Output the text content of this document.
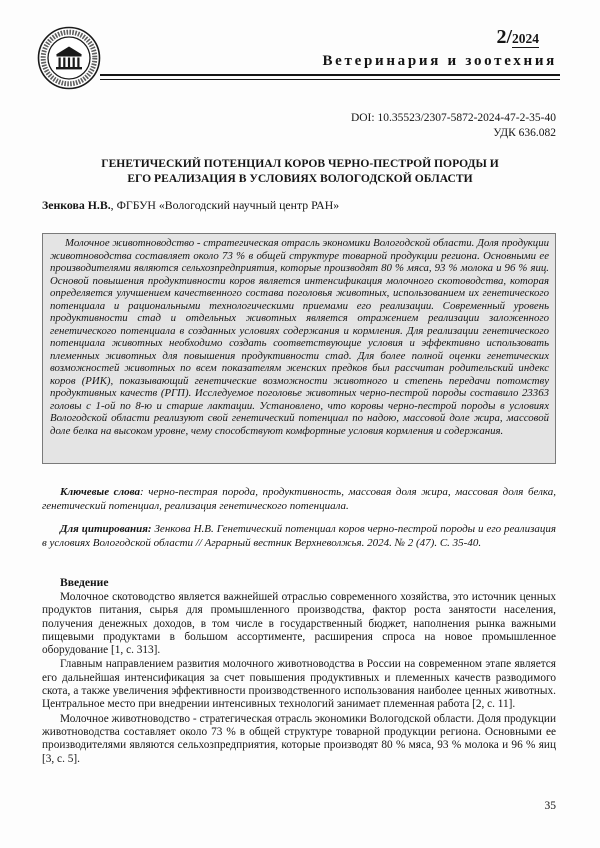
2/2024
Ветеринария и зоотехния
DOI: 10.35523/2307-5872-2024-47-2-35-40
УДК 636.082
ГЕНЕТИЧЕСКИЙ ПОТЕНЦИАЛ КОРОВ ЧЕРНО-ПЕСТРОЙ ПОРОДЫ И
ЕГО РЕАЛИЗАЦИЯ В УСЛОВИЯХ ВОЛОГОДСКОЙ ОБЛАСТИ
Зенкова Н.В., ФГБУН «Вологодский научный центр РАН»
Молочное животноводство - стратегическая отрасль экономики Вологодской области. Доля продукции животноводства составляет около 73 % в общей структуре товарной продукции региона. Основными ее производителями являются сельхозпредприятия, которые производят 80 % мяса, 93 % молока и 96 % яиц. Основой повышения продуктивности коров является интенсификация молочного скотоводства, которая определяется улучшением качественного состава поголовья животных, использованием их генетического потенциала и рациональными технологическими приемами его реализации. Современный уровень продуктивности стад и отдельных животных является отражением реализации заложенного генетического потенциала в созданных условиях содержания и кормления. Для реализации генетического потенциала животных необходимо создать соответствующие условия и эффективно использовать племенных животных для повышения продуктивности стад. Для более полной оценки генетических возможностей животных по всем показателям женских предков был рассчитан родительский индекс коров (РИК), показывающий генетические возможности животного и степень передачи потомству продуктивных качеств (РГП). Исследуемое поголовье животных черно-пестрой породы составило 23363 головы с 1-ой по 8-ю и старше лактации. Установлено, что коровы черно-пестрой породы в условиях Вологодской области реализуют свой генетический потенциал по надою, массовой доле жира, массовой доле белка на высоком уровне, чему способствуют комфортные условия кормления и содержания.
Ключевые слова: черно-пестрая порода, продуктивность, массовая доля жира, массовая доля белка, генетический потенциал, реализация генетического потенциала.
Для цитирования: Зенкова Н.В. Генетический потенциал коров черно-пестрой породы и его реализация в условиях Вологодской области // Аграрный вестник Верхневолжья. 2024. № 2 (47). С. 35-40.
Введение

Молочное скотоводство является важнейшей отраслью современного хозяйства, это источник ценных продуктов питания, сырья для промышленного производства, фактор роста занятости населения, получения денежных доходов, в том числе в государственный бюджет, наполнения рынка важными пищевыми продуктами в большом ассортименте, расширения спроса на новое промышленное оборудование [1, с. 313].

Главным направлением развития молочного животноводства в России на современном этапе является его дальнейшая интенсификация за счет повышения продуктивных и племенных качеств разводимого скота, а также увеличения эффективности производственного использования наиболее ценных животных. Центральное место при внедрении интенсивных технологий занимает племенная работа [2, с. 11].

Молочное животноводство - стратегическая отрасль экономики Вологодской области. Доля продукции животноводства составляет около 73 % в общей структуре товарной продукции региона. Основными ее производителями являются сельхозпредприятия, которые производят 80 % мяса, 93 % молока и 96 % яиц [3, с. 5].

35
